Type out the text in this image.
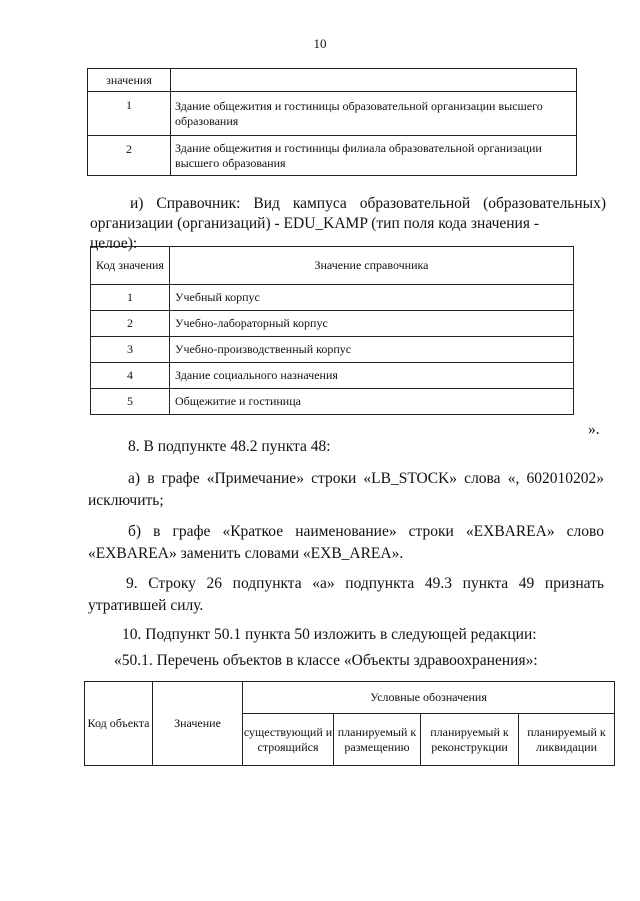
10
значения	
1	Здание общежития и гостиницы образовательной организации высшего образования
2	Здание общежития и гостиницы филиала образовательной организации высшего образования
и) Справочник: Вид кампуса образовательной (образовательных)
организации (организаций) - EDU_KAMP (тип поля кода значения - целое):
Код значения	Значение справочника
1	Учебный корпус
2	Учебно-лабораторный корпус
3	Учебно-производственный корпус
4	Здание социального назначения
5	Общежитие и гостиница
».
8. В подпункте 48.2 пункта 48:
а) в графе «Примечание» строки «LB_STOCK» слова «, 602010202»
исключить;
б) в графе «Краткое наименование» строки «EXBAREA» слово
«EXBAREA» заменить словами «EXB_AREA».
9. Строку 26 подпункта «а» подпункта 49.3 пункта 49 признать
утратившей силу.
10. Подпункт 50.1 пункта 50 изложить в следующей редакции:
«50.1. Перечень объектов в классе «Объекты здравоохранения»:
Код объекта	Значение	Условные обозначения			
		существующий и строящийся	планируемый к размещению	планируемый к реконструкции	планируемый к ликвидации
